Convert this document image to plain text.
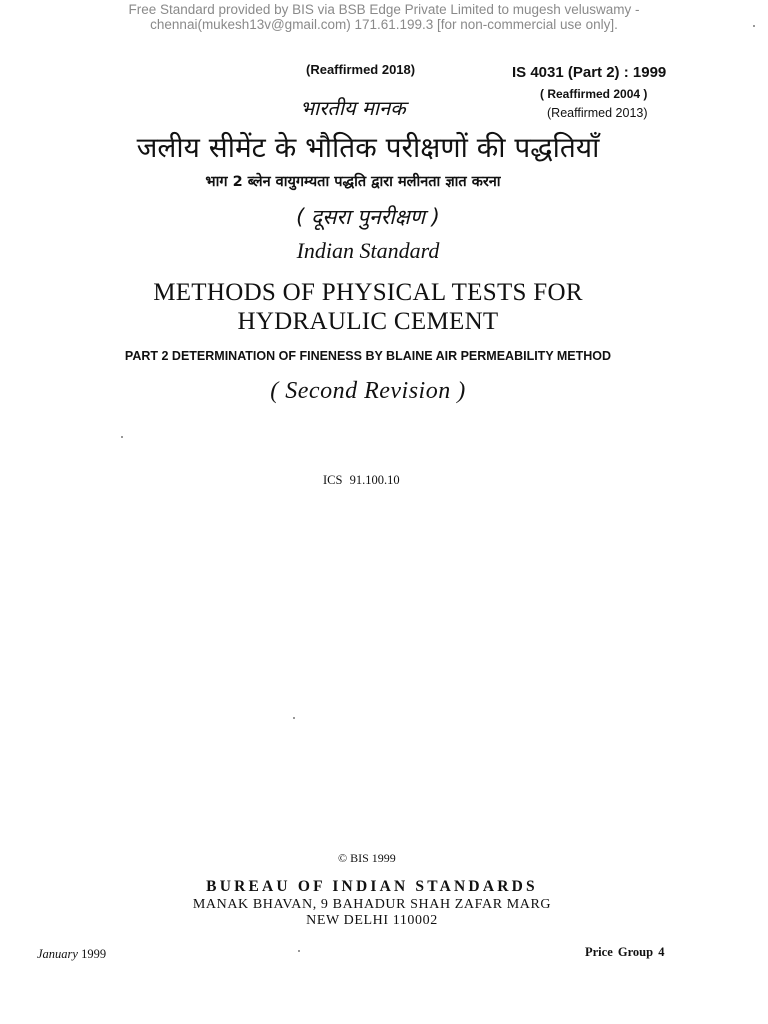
Free Standard provided by BIS via BSB Edge Private Limited to mugesh veluswamy -
chennai(mukesh13v@gmail.com) 171.61.199.3 [for non-commercial use only].
(Reaffirmed 2018)	IS 4031 (Part 2) : 1999
( Reaffirmed 2004 )
(Reaffirmed 2013)
भारतीय मानक
जलीय सीमेंट के भौतिक परीक्षणों की पद्धतियाँ
भाग 2 ब्लेन वायुगम्यता पद्धति द्वारा मलीनता ज्ञात करना
( दूसरा पुनरीक्षण )
Indian Standard
METHODS OF PHYSICAL TESTS FOR
HYDRAULIC CEMENT
PART 2 DETERMINATION OF FINENESS BY BLAINE AIR PERMEABILITY METHOD
( Second Revision )
ICS 91.100.10
© BIS 1999
BUREAU OF INDIAN STANDARDS
MANAK BHAVAN, 9 BAHADUR SHAH ZAFAR MARG
NEW DELHI 110002
January 1999	Price Group 4
